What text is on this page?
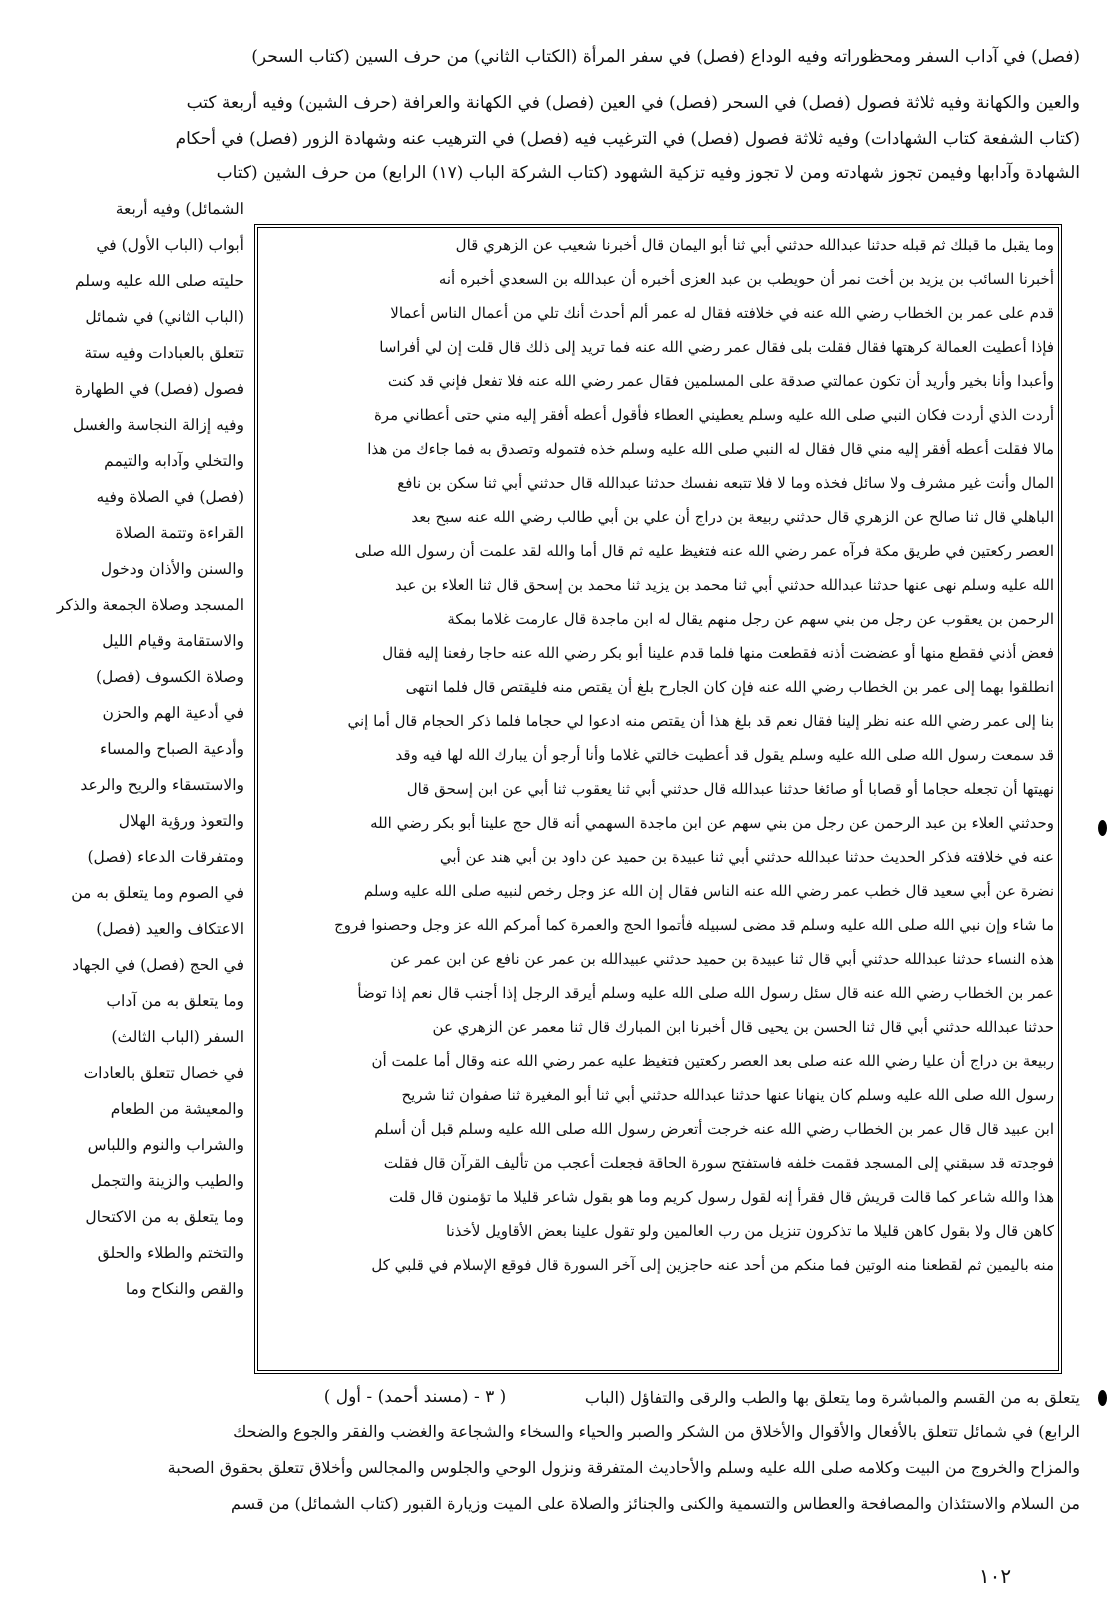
(فصل) في آداب السفر ومحظوراته وفيه الوداع (فصل) في سفر المرأة (الكتاب الثاني) من حرف السين (كتاب السحر)
والعين والكهانة وفيه ثلاثة فصول (فصل) في السحر (فصل) في العين (فصل) في الكهانة والعرافة (حرف الشين) وفيه أربعة كتب
(كتاب الشفعة كتاب الشهادات) وفيه ثلاثة فصول (فصل) في الترغيب فيه (فصل) في الترهيب عنه وشهادة الزور (فصل) في أحكام
الشهادة وآدابها وفيمن تجوز شهادته ومن لا تجوز وفيه تزكية الشهود (كتاب الشركة الباب (١٧) الرابع) من حرف الشين (كتاب
وما يقبل ما قبلك ثم قبله حدثنا عبدالله حدثني أبي ثنا أبو اليمان قال أخبرنا شعيب عن الزهري قال
أخبرنا السائب بن يزيد بن أخت نمر أن حويطب بن عبد العزى أخبره أن عبدالله بن السعدي أخبره أنه
قدم على عمر بن الخطاب رضي الله عنه في خلافته فقال له عمر ألم أحدث أنك تلي من أعمال الناس أعمالا
فإذا أعطيت العمالة كرهتها فقال فقلت بلى فقال عمر رضي الله عنه فما تريد إلى ذلك قال قلت إن لي أفراسا
وأعبدا وأنا بخير وأريد أن تكون عمالتي صدقة على المسلمين فقال عمر رضي الله عنه فلا تفعل فإني قد كنت
أردت الذي أردت فكان النبي صلى الله عليه وسلم يعطيني العطاء فأقول أعطه أفقر إليه مني حتى أعطاني مرة
مالا فقلت أعطه أفقر إليه مني قال فقال له النبي صلى الله عليه وسلم خذه فتموله وتصدق به فما جاءك من هذا
المال وأنت غير مشرف ولا سائل فخذه وما لا فلا تتبعه نفسك حدثنا عبدالله قال حدثني أبي ثنا سكن بن نافع
الباهلي قال ثنا صالح عن الزهري قال حدثني ربيعة بن دراج أن علي بن أبي طالب رضي الله عنه سبح بعد
العصر ركعتين في طريق مكة فرآه عمر رضي الله عنه فتغيظ عليه ثم قال أما والله لقد علمت أن رسول الله صلى
الله عليه وسلم نهى عنها حدثنا عبدالله حدثني أبي ثنا محمد بن يزيد ثنا محمد بن إسحق قال ثنا العلاء بن عبد
الرحمن بن يعقوب عن رجل من بني سهم عن رجل منهم يقال له ابن ماجدة قال عارمت غلاما بمكة
فعض أذني فقطع منها أو عضضت أذنه فقطعت منها فلما قدم علينا أبو بكر رضي الله عنه حاجا رفعنا إليه فقال
انطلقوا بهما إلى عمر بن الخطاب رضي الله عنه فإن كان الجارح بلغ أن يقتص منه فليقتص قال فلما انتهى
بنا إلى عمر رضي الله عنه نظر إلينا فقال نعم قد بلغ هذا أن يقتص منه ادعوا لي حجاما فلما ذكر الحجام قال أما إني
قد سمعت رسول الله صلى الله عليه وسلم يقول قد أعطيت خالتي غلاما وأنا أرجو أن يبارك الله لها فيه وقد
نهيتها أن تجعله حجاما أو قصابا أو صائغا حدثنا عبدالله قال حدثني أبي ثنا يعقوب ثنا أبي عن ابن إسحق قال
وحدثني العلاء بن عبد الرحمن عن رجل من بني سهم عن ابن ماجدة السهمي أنه قال حج علينا أبو بكر رضي الله
عنه في خلافته فذكر الحديث حدثنا عبدالله حدثني أبي ثنا عبيدة بن حميد عن داود بن أبي هند عن أبي
نضرة عن أبي سعيد قال خطب عمر رضي الله عنه الناس فقال إن الله عز وجل رخص لنبيه صلى الله عليه وسلم
ما شاء وإن نبي الله صلى الله عليه وسلم قد مضى لسبيله فأتموا الحج والعمرة كما أمركم الله عز وجل وحصنوا فروج
هذه النساء حدثنا عبدالله حدثني أبي قال ثنا عبيدة بن حميد حدثني عبيدالله بن عمر عن نافع عن ابن عمر عن
عمر بن الخطاب رضي الله عنه قال سئل رسول الله صلى الله عليه وسلم أيرقد الرجل إذا أجنب قال نعم إذا توضأ
حدثنا عبدالله حدثني أبي قال ثنا الحسن بن يحيى قال أخبرنا ابن المبارك قال ثنا معمر عن الزهري عن
ربيعة بن دراج أن عليا رضي الله عنه صلى بعد العصر ركعتين فتغيظ عليه عمر رضي الله عنه وقال أما علمت أن
رسول الله صلى الله عليه وسلم كان ينهانا عنها حدثنا عبدالله حدثني أبي ثنا أبو المغيرة ثنا صفوان ثنا شريح
ابن عبيد قال قال عمر بن الخطاب رضي الله عنه خرجت أتعرض رسول الله صلى الله عليه وسلم قبل أن أسلم
فوجدته قد سبقني إلى المسجد فقمت خلفه فاستفتح سورة الحاقة فجعلت أعجب من تأليف القرآن قال فقلت
هذا والله شاعر كما قالت قريش قال فقرأ إنه لقول رسول كريم وما هو بقول شاعر قليلا ما تؤمنون قال قلت
كاهن قال ولا بقول كاهن قليلا ما تذكرون تنزيل من رب العالمين ولو تقول علينا بعض الأقاويل لأخذنا
منه باليمين ثم لقطعنا منه الوتين فما منكم من أحد عنه حاجزين إلى آخر السورة قال فوقع الإسلام في قلبي كل
الشمائل) وفيه أربعة
أبواب (الباب الأول) في
حليته صلى الله عليه وسلم
(الباب الثاني) في شمائل
تتعلق بالعبادات وفيه ستة
فصول (فصل) في الطهارة
وفيه إزالة النجاسة والغسل
والتخلي وآدابه والتيمم
(فصل) في الصلاة وفيه
القراءة وتتمة الصلاة
والسنن والأذان ودخول
المسجد وصلاة الجمعة والذكر
والاستقامة وقيام الليل
وصلاة الكسوف (فصل)
في أدعية الهم والحزن
وأدعية الصباح والمساء
والاستسقاء والريح والرعد
والتعوذ ورؤية الهلال
ومتفرقات الدعاء (فصل)
في الصوم وما يتعلق به من
الاعتكاف والعيد (فصل)
في الحج (فصل) في الجهاد
وما يتعلق به من آداب
السفر (الباب الثالث)
في خصال تتعلق بالعادات
والمعيشة من الطعام
والشراب والنوم واللباس
والطيب والزينة والتجمل
وما يتعلق به من الاكتحال
والتختم والطلاء والحلق
والقص والنكاح وما
( ٣ - (مسند أحمد) - أول )	يتعلق به من القسم والمباشرة وما يتعلق بها والطب والرقى والتفاؤل (الباب
الرابع) في شمائل تتعلق بالأفعال والأقوال والأخلاق من الشكر والصبر والحياء والسخاء والشجاعة والغضب والفقر والجوع والضحك
والمزاح والخروج من البيت وكلامه صلى الله عليه وسلم والأحاديث المتفرقة ونزول الوحي والجلوس والمجالس وأخلاق تتعلق بحقوق الصحبة
من السلام والاستئذان والمصافحة والعطاس والتسمية والكنى والجنائز والصلاة على الميت وزيارة القبور (كتاب الشمائل) من قسم
١٠٢
